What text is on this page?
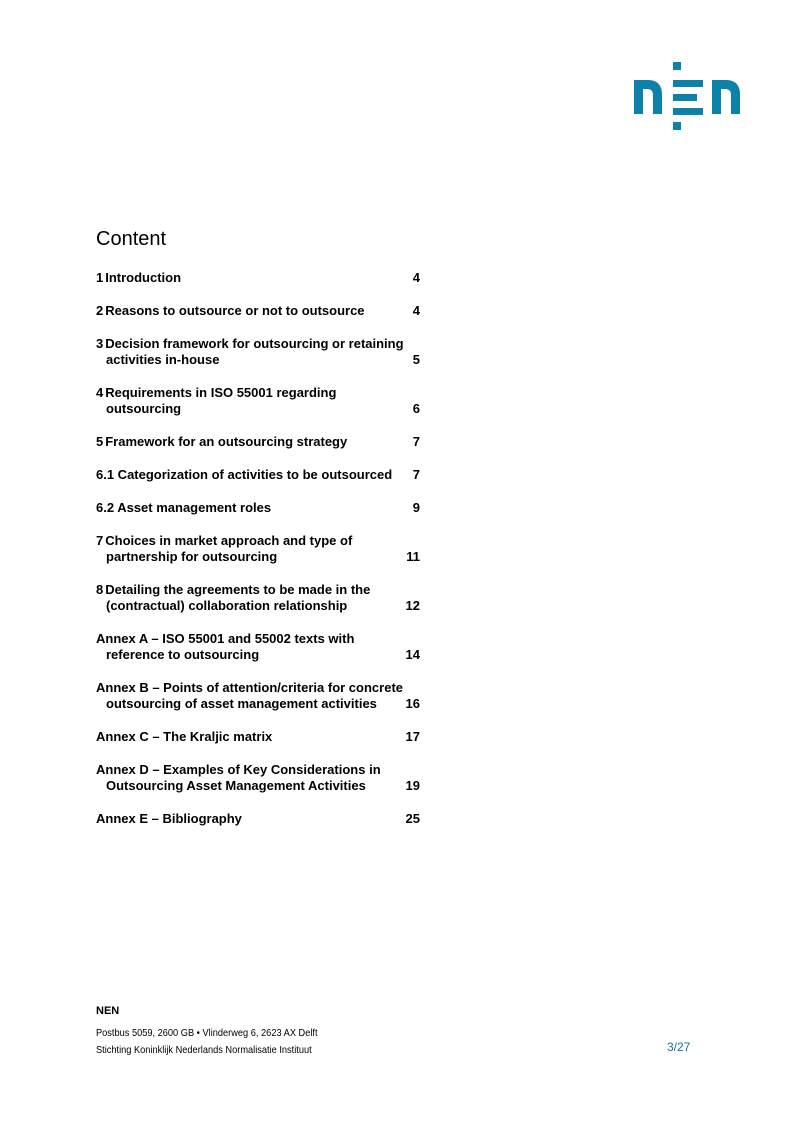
Content
1 Introduction	4
2 Reasons to outsource or not to outsource	4
3 Decision framework for outsourcing or retaining
activities in-house	5
4 Requirements in ISO 55001 regarding
outsourcing	6
5 Framework for an outsourcing strategy	7
6.1 Categorization of activities to be outsourced 7
6.2 Asset management roles	9
7 Choices in market approach and type of
partnership for outsourcing	11
8 Detailing the agreements to be made in the
(contractual) collaboration relationship	12
Annex A – ISO 55001 and 55002 texts with
reference to outsourcing	14
Annex B – Points of attention/criteria for concrete
outsourcing of asset management activities 16
Annex C – The Kraljic matrix	17
Annex D – Examples of Key Considerations in
Outsourcing Asset Management Activities	19
Annex E – Bibliography	25
NEN
Postbus 5059, 2600 GB • Vlinderweg 6, 2623 AX Delft
Stichting Koninklijk Nederlands Normalisatie Instituut	3/27
